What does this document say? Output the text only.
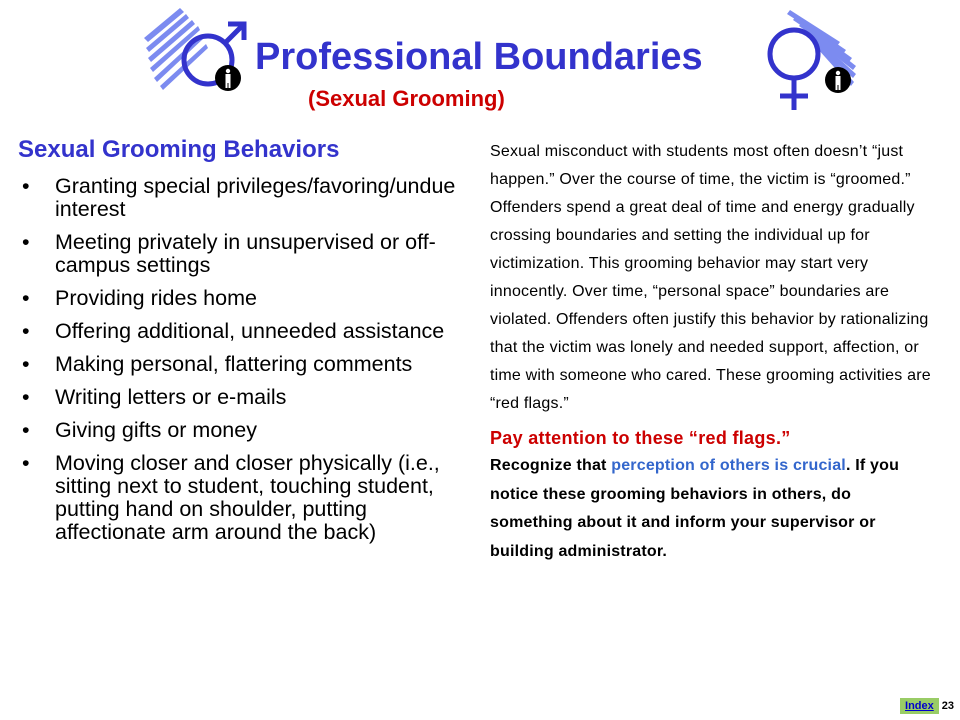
Professional Boundaries
(Sexual Grooming)
Sexual Grooming Behaviors
• Granting special privileges/favoring/undue interest
• Meeting privately in unsupervised or off-campus settings
• Providing rides home
• Offering additional, unneeded assistance
• Making personal, flattering comments
• Writing letters or e-mails
• Giving gifts or money
• Moving closer and closer physically (i.e., sitting next to student, touching student, putting hand on shoulder, putting affectionate arm around the back)

Sexual misconduct with students most often doesn’t “just happen.” Over the course of time, the victim is “groomed.” Offenders spend a great deal of time and energy gradually crossing boundaries and setting the individual up for victimization. This grooming behavior may start very innocently. Over time, “personal space” boundaries are violated. Offenders often justify this behavior by rationalizing that the victim was lonely and needed support, affection, or time with someone who cared. These grooming activities are “red flags.”

Pay attention to these “red flags.”

Recognize that perception of others is crucial. If you notice these grooming behaviors in others, do something about it and inform your supervisor or building administrator.

Index 23
